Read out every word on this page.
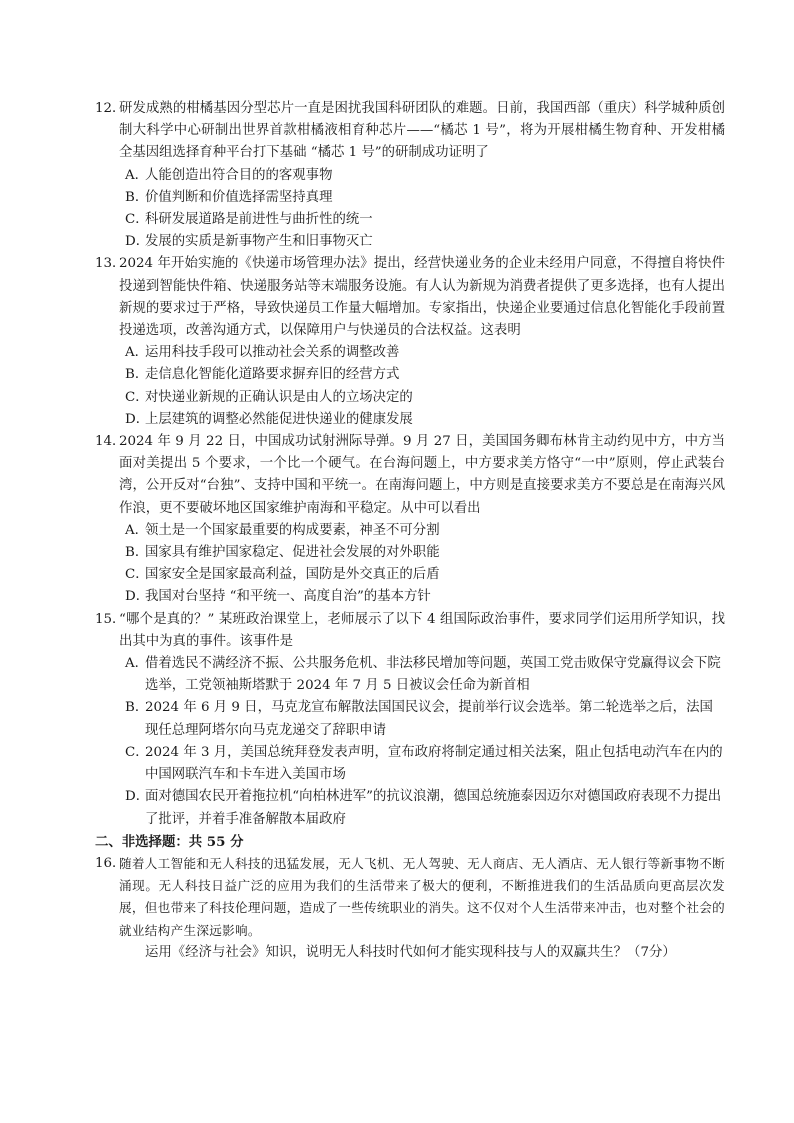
12．

研发成熟的柑橘基因分型芯片一直是困扰我国科研团队的难题。日前，我国西部（重庆）科学城种质创制大科学中心研制出世界首款柑橘液相育种芯片——“橘芯 1 号”，将为开展柑橘生物育种、开发柑橘全基因组选择育种平台打下基础 “橘芯 1 号”的研制成功证明了

A．
人能创造出符合目的的客观事物
B．
价值判断和价值选择需坚持真理
C．
科研发展道路是前进性与曲折性的统一
D．
发展的实质是新事物产生和旧事物灭亡
13．

2024 年开始实施的《快递市场管理办法》提出，经营快递业务的企业未经用户同意，不得擅自将快件投递到智能快件箱、快递服务站等末端服务设施。有人认为新规为消费者提供了更多选择，也有人提出新规的要求过于严格，导致快递员工作量大幅增加。专家指出，快递企业要通过信息化智能化手段前置投递选项，改善沟通方式，以保障用户与快递员的合法权益。这表明

A．
运用科技手段可以推动社会关系的调整改善
B．
走信息化智能化道路要求摒弃旧的经营方式
C．
对快递业新规的正确认识是由人的立场决定的
D．
上层建筑的调整必然能促进快递业的健康发展
14．

2024 年 9 月 22 日，中国成功试射洲际导弹。9 月 27 日，美国国务卿布林肯主动约见中方，中方当面对美提出 5 个要求，一个比一个硬气。在台海问题上，中方要求美方恪守“一中”原则，停止武装台湾，公开反对“台独”、支持中国和平统一。在南海问题上，中方则是直接要求美方不要总是在南海兴风作浪，更不要破坏地区国家维护南海和平稳定。从中可以看出

A．
领土是一个国家最重要的构成要素，神圣不可分割
B．
国家具有维护国家稳定、促进社会发展的对外职能
C．
国家安全是国家最高利益，国防是外交真正的后盾
D．
我国对台坚持 “和平统一、高度自治”的基本方针
15．

“哪个是真的？” 某班政治课堂上，老师展示了以下 4 组国际政治事件，要求同学们运用所学知识，找出其中为真的事件。该事件是

A．
借着选民不满经济不振、公共服务危机、非法移民增加等问题，英国工党击败保守党赢得议会下院选举，工党领袖斯塔默于 2024 年 7 月 5 日被议会任命为新首相
B．
2024 年 6 月 9 日，马克龙宣布解散法国国民议会，提前举行议会选举。第二轮选举之后，法国现任总理阿塔尔向马克龙递交了辞职申请
C．
2024 年 3 月，美国总统拜登发表声明，宣布政府将制定通过相关法案，阻止包括电动汽车在内的中国网联汽车和卡车进入美国市场
D．
面对德国农民开着拖拉机“向柏林进军”的抗议浪潮，德国总统施泰因迈尔对德国政府表现不力提出了批评，并着手准备解散本届政府

二、非选择题：共 55 分

16．

随着人工智能和无人科技的迅猛发展，无人飞机、无人驾驶、无人商店、无人酒店、无人银行等新事物不断涌现。无人科技日益广泛的应用为我们的生活带来了极大的便利，不断推进我们的生活品质向更高层次发展，但也带来了科技伦理问题，造成了一些传统职业的消失。这不仅对个人生活带来冲击，也对整个社会的就业结构产生深远影响。

运用《经济与社会》知识，说明无人科技时代如何才能实现科技与人的双赢共生？（7分）
